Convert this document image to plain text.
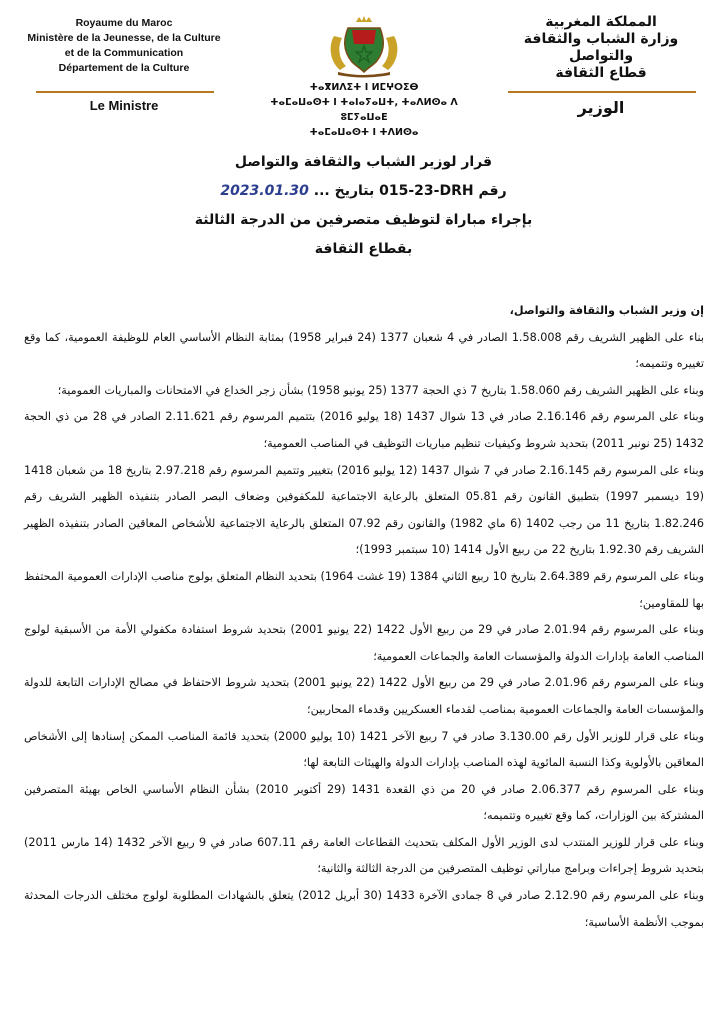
Royaume du Maroc
Ministère de la Jeunesse, de la Culture
et de la Communication
Département de la Culture
Le Ministre
ⵜⴰⴳⵍⴷⵉⵜ ⵏ ⵍⵎⵖⵔⵉⴱ
ⵜⴰⵎⴰⵡⴰⵙⵜ ⵏ ⵜⴰⵏⴰⵢⴰⵡⵜ, ⵜⴰⴷⵍⵙⴰ ⴷ ⵓⵎⵢⴰⵡⴰⴹ
ⵜⴰⵎⴰⵡⴰⵙⵜ ⵏ ⵜⴷⵍⵙⴰ
المملكة المغربية
وزارة الشباب والثقافة
والتواصل
قطاع الثقافة
الوزير
قرار لوزير الشباب والثقافة والتواصل
رقم 015-23-DRH بتاريخ ... 2023.01.30
بإجراء مباراة لتوظيف متصرفين من الدرجة الثالثة
بقطاع الثقافة

إن وزير الشباب والثقافة والتواصل،

بناء على الظهير الشريف رقم 1.58.008 الصادر في 4 شعبان 1377 (24 فبراير 1958) بمثابة النظام الأساسي العام للوظيفة العمومية، كما وقع تغييره وتتميمه؛

وبناء على الظهير الشريف رقم 1.58.060 بتاريخ 7 ذي الحجة 1377 (25 يونيو 1958) بشأن زجر الخداع في الامتحانات والمباريات العمومية؛

وبناء على المرسوم رقم 2.16.146 صادر في 13 شوال 1437 (18 يوليو 2016) بتتميم المرسوم رقم 2.11.621 الصادر في 28 من ذي الحجة 1432 (25 نونبر 2011) بتحديد شروط وكيفيات تنظيم مباريات التوظيف في المناصب العمومية؛

وبناء على المرسوم رقم 2.16.145 صادر في 7 شوال 1437 (12 يوليو 2016) بتغيير وتتميم المرسوم رقم 2.97.218 بتاريخ 18 من شعبان 1418 (19 ديسمبر 1997) بتطبيق القانون رقم 05.81 المتعلق بالرعاية الاجتماعية للمكفوفين وضعاف البصر الصادر بتنفيذه الظهير الشريف رقم 1.82.246 بتاريخ 11 من رجب 1402 (6 ماي 1982) والقانون رقم 07.92 المتعلق بالرعاية الاجتماعية للأشخاص المعاقين الصادر بتنفيذه الظهير الشريف رقم 1.92.30 بتاريخ 22 من ربيع الأول 1414 (10 سبتمبر 1993)؛

وبناء على المرسوم رقم 2.64.389 بتاريخ 10 ربيع الثاني 1384 (19 غشت 1964) بتحديد النظام المتعلق بولوج مناصب الإدارات العمومية المحتفظ بها للمقاومين؛

وبناء على المرسوم رقم 2.01.94 صادر في 29 من ربيع الأول 1422 (22 يونيو 2001) بتحديد شروط استفادة مكفولي الأمة من الأسبقية لولوج المناصب العامة بإدارات الدولة والمؤسسات العامة والجماعات العمومية؛

وبناء على المرسوم رقم 2.01.96 صادر في 29 من ربيع الأول 1422 (22 يونيو 2001) بتحديد شروط الاحتفاظ في مصالح الإدارات التابعة للدولة والمؤسسات العامة والجماعات العمومية بمناصب لقدماء العسكريين وقدماء المحاربين؛

وبناء على قرار للوزير الأول رقم 3.130.00 صادر في 7 ربيع الآخر 1421 (10 يوليو 2000) بتحديد قائمة المناصب الممكن إسنادها إلى الأشخاص المعاقين بالأولوية وكذا النسبة المائوية لهذه المناصب بإدارات الدولة والهيئات التابعة لها؛

وبناء على المرسوم رقم 2.06.377 صادر في 20 من ذي القعدة 1431 (29 أكتوبر 2010) بشأن النظام الأساسي الخاص بهيئة المتصرفين المشتركة بين الوزارات، كما وقع تغييره وتتميمه؛

وبناء على قرار للوزير المنتدب لدى الوزير الأول المكلف بتحديث القطاعات العامة رقم 607.11 صادر في 9 ربيع الآخر 1432 (14 مارس 2011) بتحديد شروط إجراءات وبرامج مباراتي توظيف المتصرفين من الدرجة الثالثة والثانية؛

وبناء على المرسوم رقم 2.12.90 صادر في 8 جمادى الآخرة 1433 (30 أبريل 2012) يتعلق بالشهادات المطلوبة لولوج مختلف الدرجات المحدثة بموجب الأنظمة الأساسية؛
